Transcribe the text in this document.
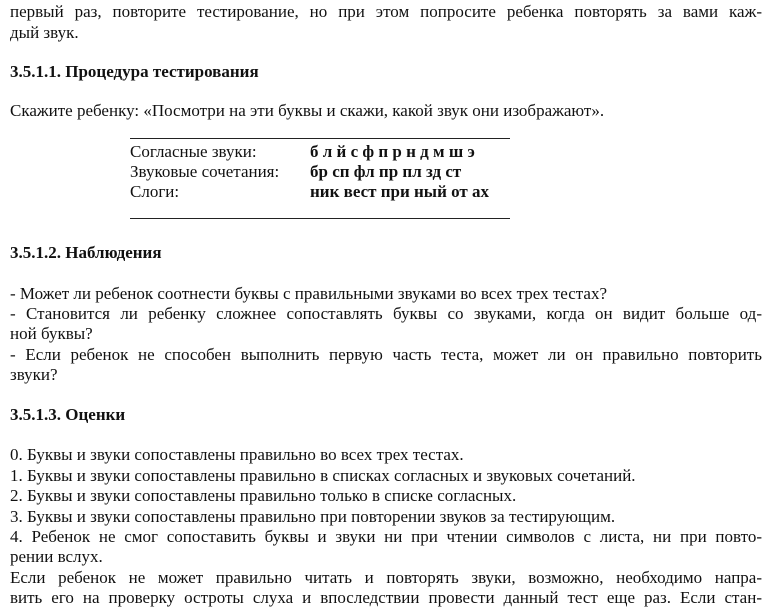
первый раз, повторите тестирование, но при этом попросите ребенка повторять за вами каж-
дый звук.
3.5.1.1. Процедура тестирования
Скажите ребенку: «Посмотри на эти буквы и скажи, какой звук они изображают».
Согласные звуки:	б л й с ф п р н д м ш э
Звуковые сочетания: бр сп фл пр пл зд ст
Слоги:	ник вест при ный от ах
3.5.1.2. Наблюдения
- Может ли ребенок соотнести буквы с правильными звуками во всех трех тестах?
- Становится ли ребенку сложнее сопоставлять буквы со звуками, когда он видит больше од-
ной буквы?
- Если ребенок не способен выполнить первую часть теста, может ли он правильно повторить
звуки?
3.5.1.3. Оценки
0. Буквы и звуки сопоставлены правильно во всех трех тестах.
1. Буквы и звуки сопоставлены правильно в списках согласных и звуковых сочетаний.
2. Буквы и звуки сопоставлены правильно только в списке согласных.
3. Буквы и звуки сопоставлены правильно при повторении звуков за тестирующим.
4. Ребенок не смог сопоставить буквы и звуки ни при чтении символов с листа, ни при повто-
рении вслух.
Если ребенок не может правильно читать и повторять звуки, возможно, необходимо напра-
вить его на проверку остроты слуха и впоследствии провести данный тест еще раз. Если стан-
